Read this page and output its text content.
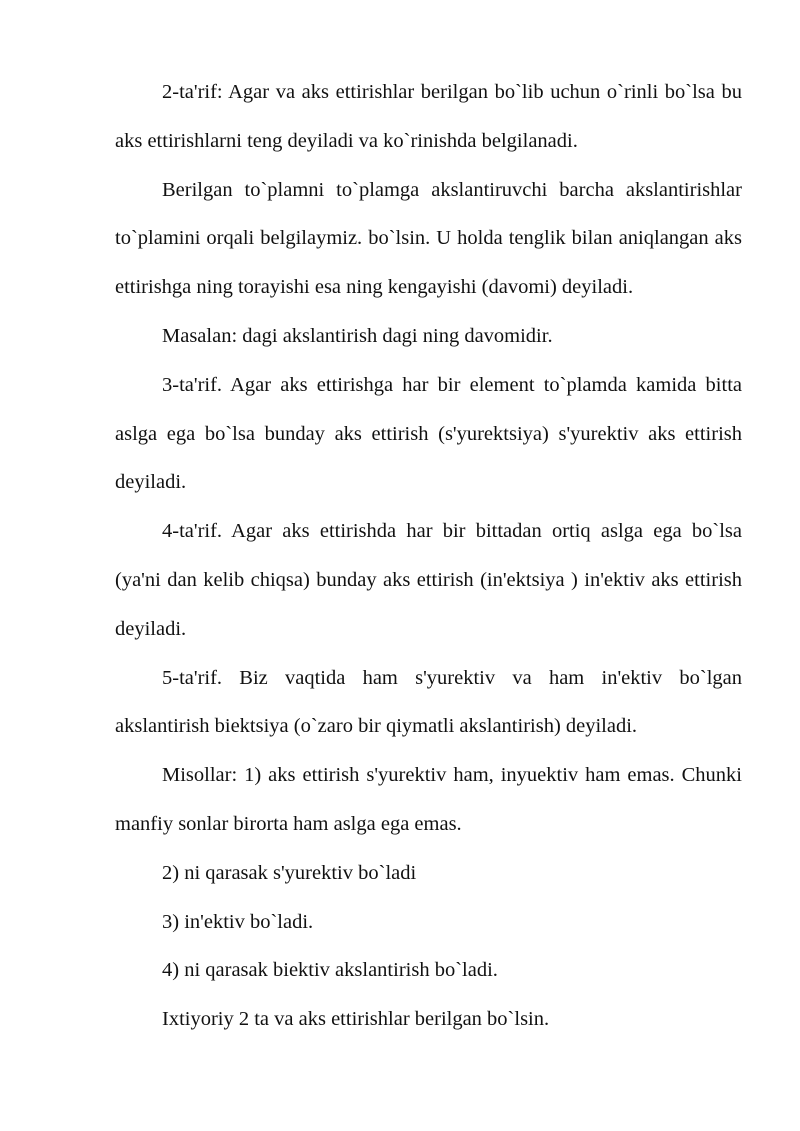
2-ta'rif: Agar va aks ettirishlar berilgan bo`lib uchun o`rinli bo`lsa bu aks ettirishlarni teng deyiladi va ko`rinishda belgilanadi.

Berilgan to`plamni to`plamga akslantiruvchi barcha akslantirishlar to`plamini orqali belgilaymiz. bo`lsin. U holda tenglik bilan aniqlangan aks ettirishga ning torayishi esa ning kengayishi (davomi) deyiladi.

Masalan: dagi akslantirish dagi ning davomidir.

3-ta'rif. Agar aks ettirishga har bir element to`plamda kamida bitta aslga ega bo`lsa bunday aks ettirish (s'yurektsiya) s'yurektiv aks ettirish deyiladi.

4-ta'rif. Agar aks ettirishda har bir bittadan ortiq aslga ega bo`lsa (ya'ni dan kelib chiqsa) bunday aks ettirish (in'ektsiya ) in'ektiv aks ettirish deyiladi.

5-ta'rif. Biz vaqtida ham s'yurektiv va ham in'ektiv bo`lgan akslantirish biektsiya (o`zaro bir qiymatli akslantirish) deyiladi.

Misollar: 1) aks ettirish s'yurektiv ham, inyuektiv ham emas. Chunki manfiy sonlar birorta ham aslga ega emas.

2) ni qarasak s'yurektiv bo`ladi

3) in'ektiv bo`ladi.

4) ni qarasak biektiv akslantirish bo`ladi.

Ixtiyoriy 2 ta va aks ettirishlar berilgan bo`lsin.
